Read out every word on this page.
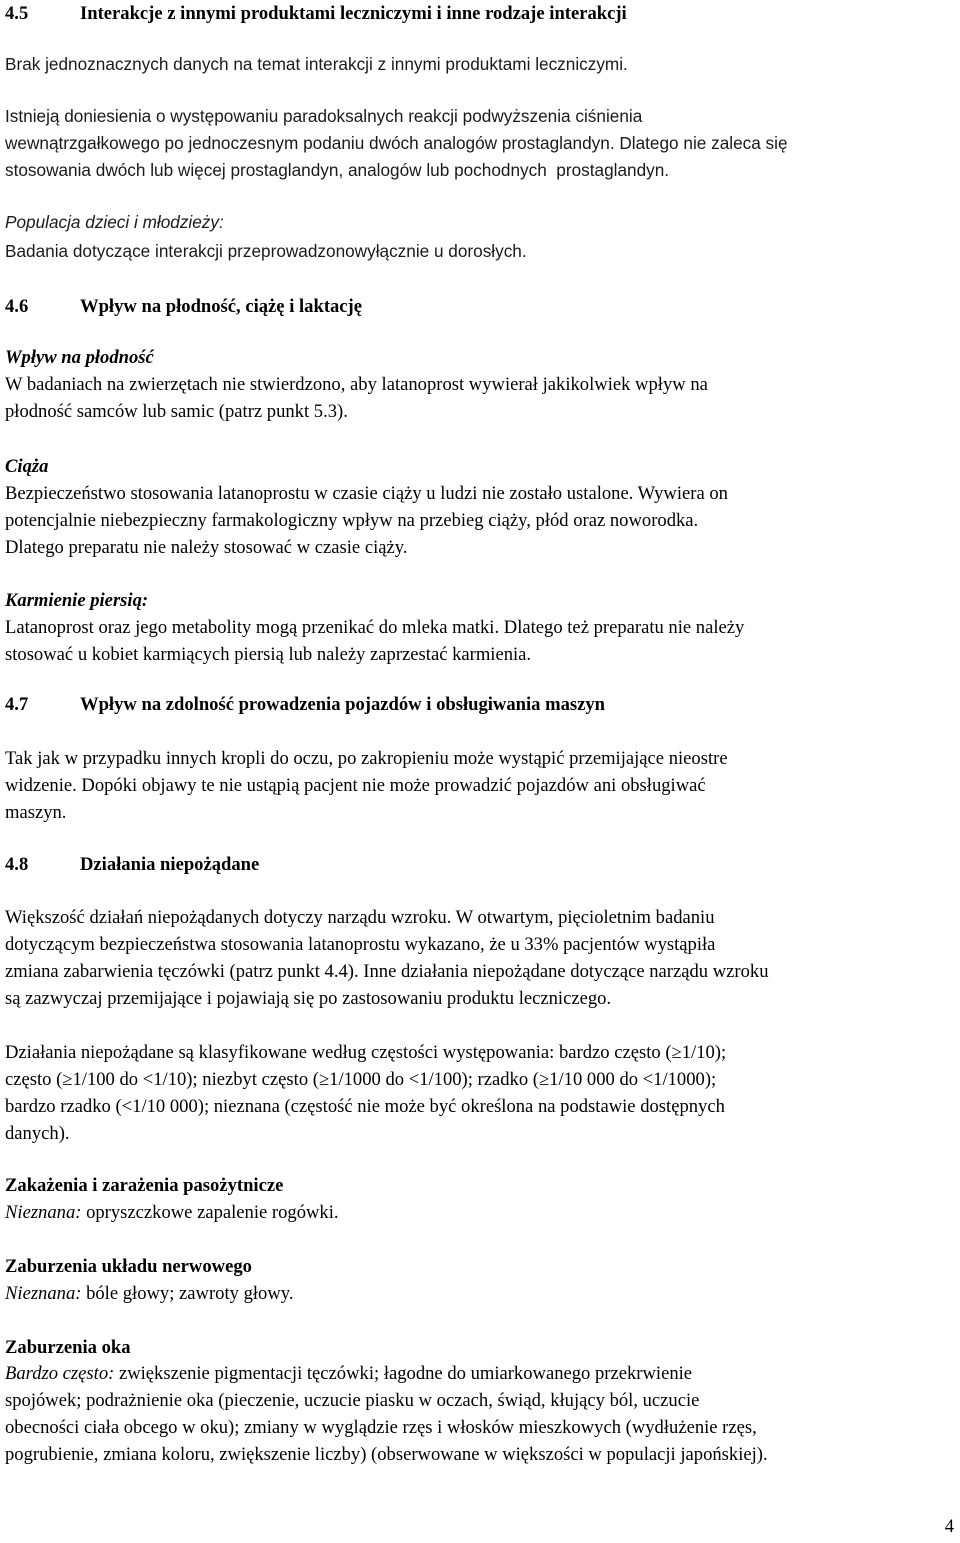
4.5	Interakcje z innymi produktami leczniczymi i inne rodzaje interakcji
Brak jednoznacznych danych na temat interakcji z innymi produktami leczniczymi.
Istnieją doniesienia o występowaniu paradoksalnych reakcji podwyższenia ciśnienia
wewnątrzgałkowego po jednoczesnym podaniu dwóch analogów prostaglandyn. Dlatego nie zaleca się
stosowania dwóch lub więcej prostaglandyn, analogów lub pochodnych  prostaglandyn.
Populacja dzieci i młodzieży:
Badania dotyczące interakcji przeprowadzonowyłącznie u dorosłych.
4.6	Wpływ na płodność, ciążę i laktację
Wpływ na płodność
W badaniach na zwierzętach nie stwierdzono, aby latanoprost wywierał jakikolwiek wpływ na
płodność samców lub samic (patrz punkt 5.3).
Ciąża
Bezpieczeństwo stosowania latanoprostu w czasie ciąży u ludzi nie zostało ustalone. Wywiera on
potencjalnie niebezpieczny farmakologiczny wpływ na przebieg ciąży, płód oraz noworodka.
Dlatego preparatu nie należy stosować w czasie ciąży.
Karmienie piersią:
Latanoprost oraz jego metabolity mogą przenikać do mleka matki. Dlatego też preparatu nie należy
stosować u kobiet karmiących piersią lub należy zaprzestać karmienia.
4.7	Wpływ na zdolność prowadzenia pojazdów i obsługiwania maszyn
Tak jak w przypadku innych kropli do oczu, po zakropieniu może wystąpić przemijające nieostre
widzenie. Dopóki objawy te nie ustąpią pacjent nie może prowadzić pojazdów ani obsługiwać
maszyn.
4.8	Działania niepożądane
Większość działań niepożądanych dotyczy narządu wzroku. W otwartym, pięcioletnim badaniu
dotyczącym bezpieczeństwa stosowania latanoprostu wykazano, że u 33% pacjentów wystąpiła
zmiana zabarwienia tęczówki (patrz punkt 4.4). Inne działania niepożądane dotyczące narządu wzroku
są zazwyczaj przemijające i pojawiają się po zastosowaniu produktu leczniczego.
Działania niepożądane są klasyfikowane według częstości występowania: bardzo często (≥1/10);
często (≥1/100 do <1/10); niezbyt często (≥1/1000 do <1/100); rzadko (≥1/10 000 do <1/1000);
bardzo rzadko (<1/10 000); nieznana (częstość nie może być określona na podstawie dostępnych
danych).
Zakażenia i zarażenia pasożytnicze
Nieznana: opryszczkowe zapalenie rogówki.
Zaburzenia układu nerwowego
Nieznana: bóle głowy; zawroty głowy.
Zaburzenia oka
Bardzo często: zwiększenie pigmentacji tęczówki; łagodne do umiarkowanego przekrwienie
spojówek; podrażnienie oka (pieczenie, uczucie piasku w oczach, świąd, kłujący ból, uczucie
obecności ciała obcego w oku); zmiany w wyglądzie rzęs i włosków mieszkowych (wydłużenie rzęs,
pogrubienie, zmiana koloru, zwiększenie liczby) (obserwowane w większości w populacji japońskiej).
4
